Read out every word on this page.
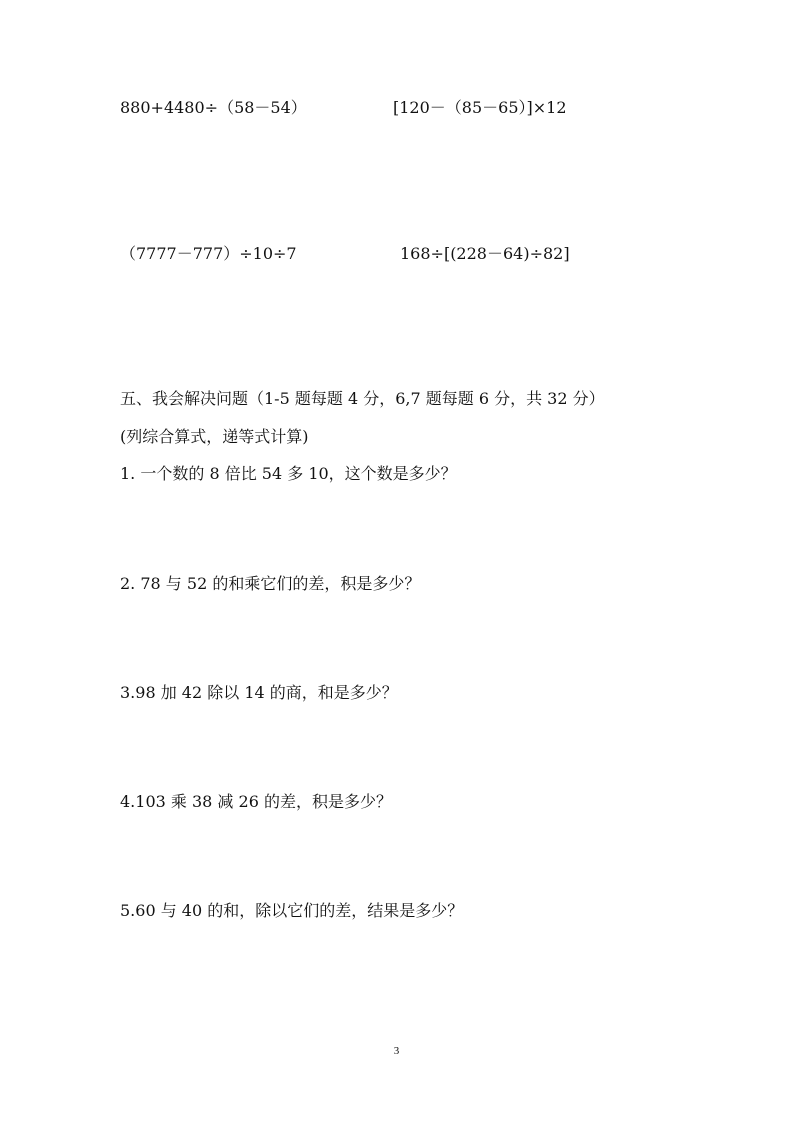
880+4480÷（58－54）	[120－（85－65）]×12
（7777－777）÷10÷7	168÷[(228－64)÷82]
五、我会解决问题（1-5 题每题 4 分，6,7 题每题 6 分，共 32 分）
(列综合算式，递等式计算)
1. 一个数的 8 倍比 54 多 10，这个数是多少？
2. 78 与 52 的和乘它们的差，积是多少？
3.98 加 42 除以 14 的商，和是多少？
4.103 乘 38 减 26 的差，积是多少？
5.60 与 40 的和，除以它们的差，结果是多少？
3
